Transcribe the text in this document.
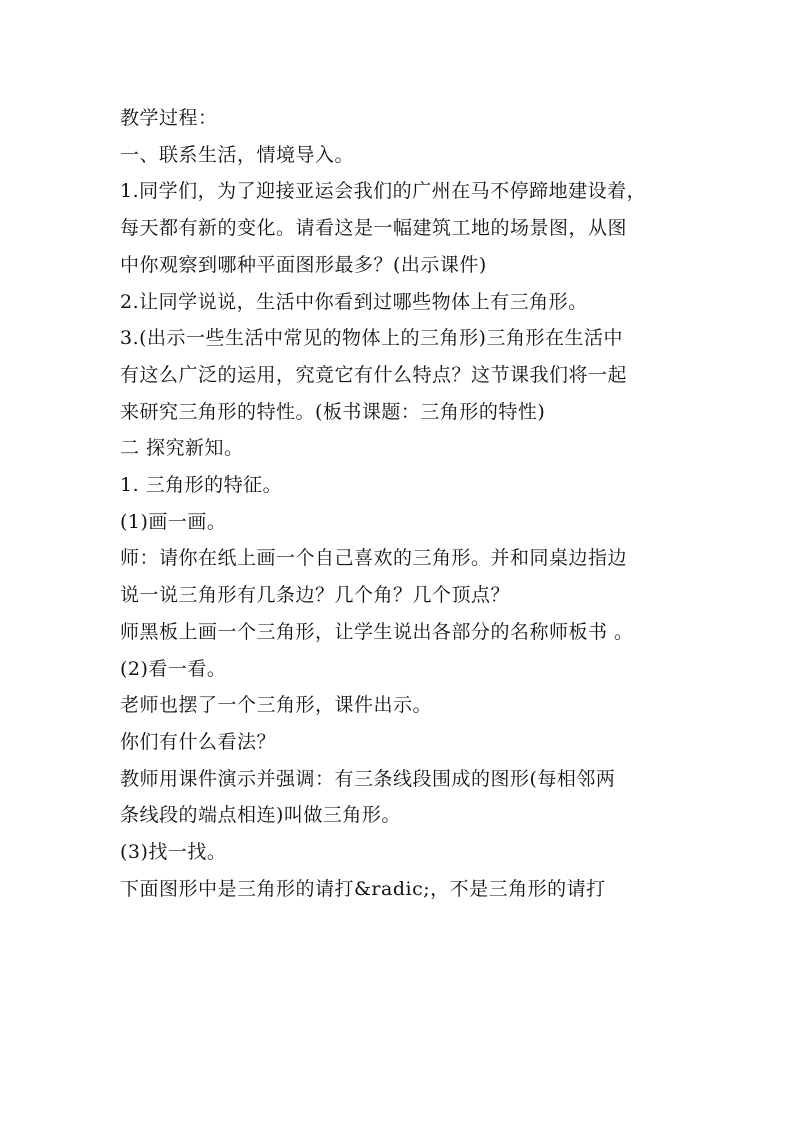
教学过程：
一、联系生活，情境导入。
1.同学们，为了迎接亚运会我们的广州在马不停蹄地建设着，
每天都有新的变化。请看这是一幅建筑工地的场景图，从图
中你观察到哪种平面图形最多？(出示课件)
2.让同学说说，生活中你看到过哪些物体上有三角形。
3.(出示一些生活中常见的物体上的三角形)三角形在生活中
有这么广泛的运用，究竟它有什么特点？这节课我们将一起
来研究三角形的特性。(板书课题：三角形的特性)
二 探究新知。
1. 三角形的特征。
(1)画一画。
师：请你在纸上画一个自己喜欢的三角形。并和同桌边指边
说一说三角形有几条边？几个角？几个顶点？
师黑板上画一个三角形，让学生说出各部分的名称师板书 。
(2)看一看。
老师也摆了一个三角形，课件出示。
你们有什么看法？
教师用课件演示并强调：有三条线段围成的图形(每相邻两
条线段的端点相连)叫做三角形。
(3)找一找。
下面图形中是三角形的请打&radic;，不是三角形的请打
